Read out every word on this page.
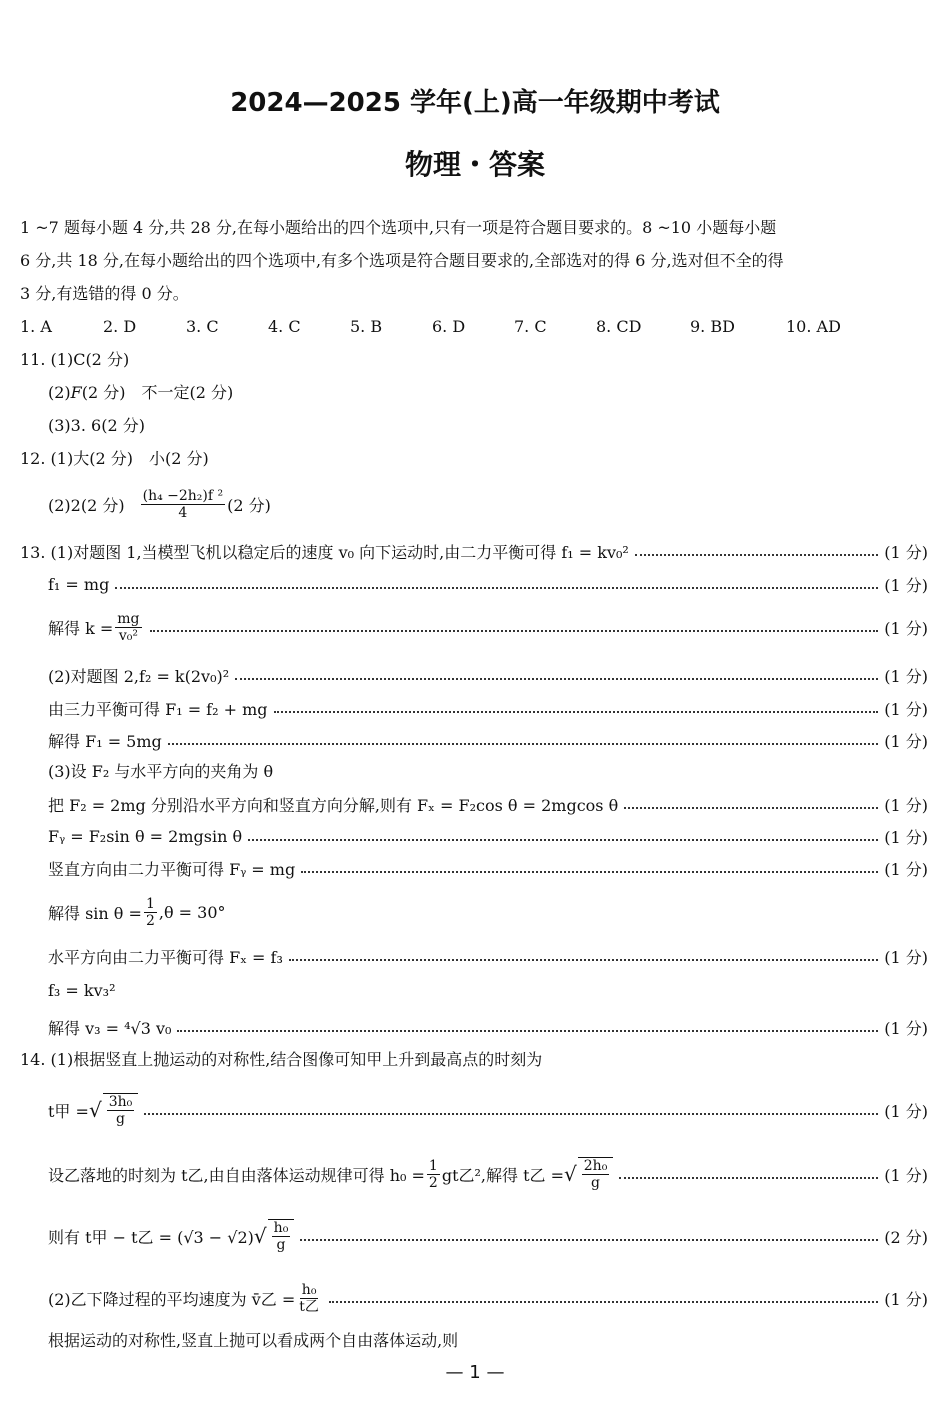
2024—2025 学年(上)高一年级期中考试
物理・答案
1 ~7 题每小题 4 分,共 28 分,在每小题给出的四个选项中,只有一项是符合题目要求的。8 ~10 小题每小题
6 分,共 18 分,在每小题给出的四个选项中,有多个选项是符合题目要求的,全部选对的得 6 分,选对但不全的得
3 分,有选错的得 0 分。
1. A	2. D	3. C	4. C	5. B	6. D	7. C	8. CD	9. BD	10. AD
11. (1)C(2 分)
(2)F(2 分)　不一定(2 分)
(3)3. 6(2 分)
12. (1)大(2 分)　小(2 分)
(2)2(2 分) $\frac{\text{(h₄ −2h₂)f ²}}{4} (2$ 分)
13. (1)对题图 1,当模型飞机以稳定后的速度 v₀ 向下运动时,由二力平衡可得 f₁ = kv₀²	(1 分)
f₁ = mg	(1 分)
解得 $k = \frac{mg}{\text{v₀²}}$	(1 分)
(2)对题图 2,f₂ = k(2v₀)²	(1 分)
由三力平衡可得 F₁ = f₂ + mg	(1 分)
解得 F₁ = 5mg	(1 分)
(3)设 F₂ 与水平方向的夹角为 θ
把 F₂ = 2mg 分别沿水平方向和竖直方向分解,则有 Fₓ = F₂cos θ = 2mgcos θ	(1 分)
Fᵧ = F₂sin θ = 2mgsin θ	(1 分)
竖直方向由二力平衡可得 Fᵧ = mg	(1 分)
解得 $\sin \theta = \frac{1}{2} ,\theta = 30^\circ$
水平方向由二力平衡可得 Fₓ = f₃	(1 分)
f₃ = kv₃²
解得 v₃ = ⁴√3 v₀	(1 分)
14. (1)根据竖直上抛运动的对称性,结合图像可知甲上升到最高点的时刻为
t甲 = √ $\frac{\text{3h₀}}{g}$	(1 分)
设乙落地的时刻为 t乙,由自由落体运动规律可得 $h_0 = \frac{1}{2}$ gt乙²,解得 t乙 = √ $\frac{\text{2h₀}}{g}$	(1 分)
则有 t甲 − t乙 = (√3 − √2) √ $\frac{\text{h₀}}{g}$	(2 分)
(2)乙下降过程的平均速度为 v̄乙 = $\frac{\text{h₀}}{\text{t乙}}$	(1 分)
根据运动的对称性,竖直上抛可以看成两个自由落体运动,则
— 1 —
